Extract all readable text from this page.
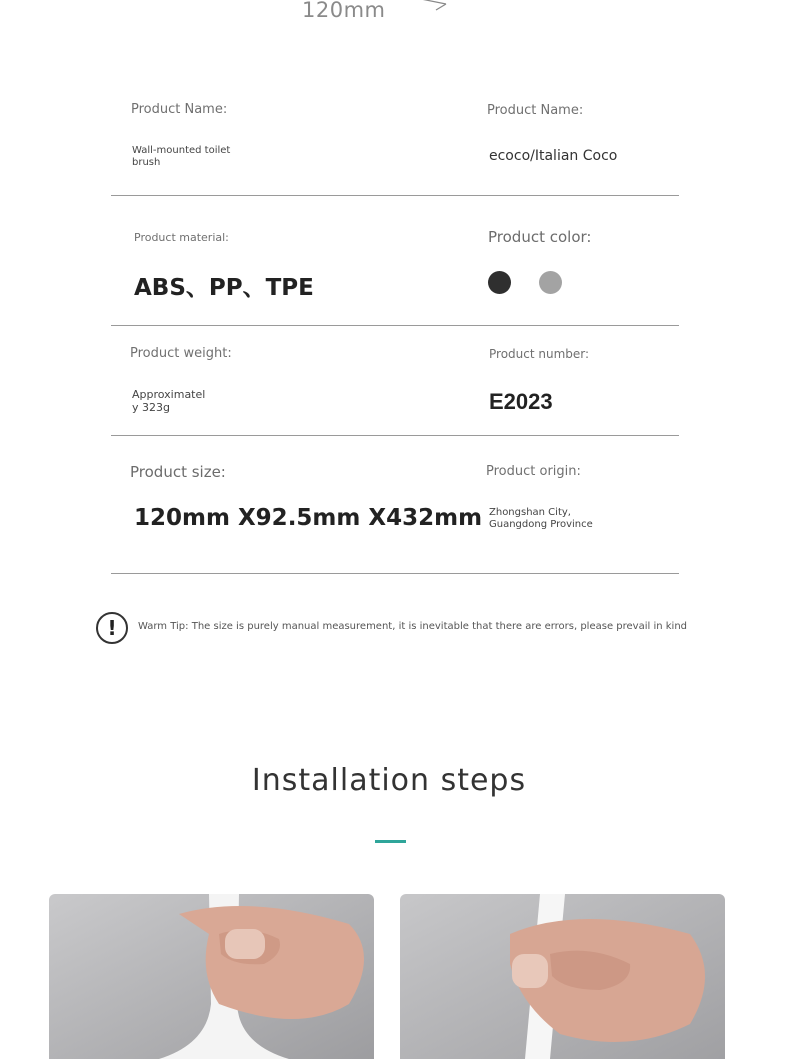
120mm
Product Name:
Wall-mounted toilet brush
Product Name:
ecoco/Italian Coco
Product material:
ABS、PP、TPE
Product color:
Product weight:
Approximatel
y 323g
Product number:
E2023
Product size:
120mm X92.5mm X432mm
Product origin:
Zhongshan City,
Guangdong Province
!	Warm Tip: The size is purely manual measurement, it is inevitable that there are errors, please prevail in kind
Installation steps
